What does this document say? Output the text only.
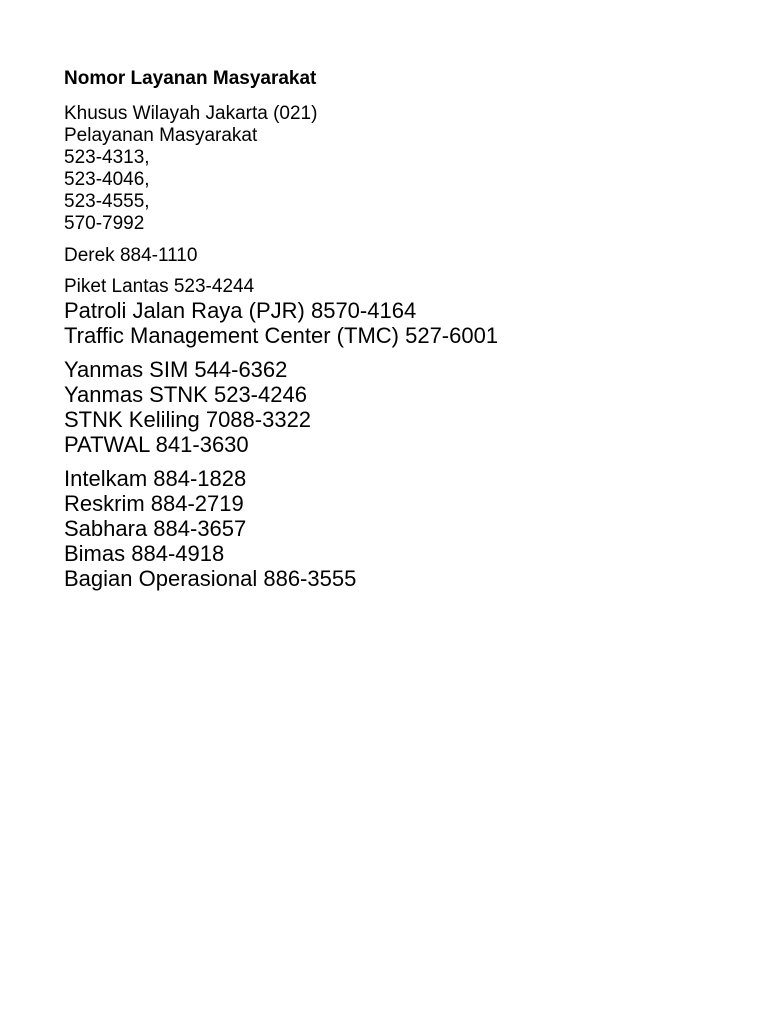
Nomor Layanan Masyarakat
Khusus Wilayah Jakarta (021)
Pelayanan Masyarakat
523-4313,
523-4046,
523-4555,
570-7992
Derek 884-1110
Piket Lantas 523-4244
Patroli Jalan Raya (PJR) 8570-4164
Traffic Management Center (TMC) 527-6001
Yanmas SIM 544-6362
Yanmas STNK 523-4246
STNK Keliling 7088-3322
PATWAL 841-3630
Intelkam 884-1828
Reskrim 884-2719
Sabhara 884-3657
Bimas 884-4918
Bagian Operasional 886-3555
